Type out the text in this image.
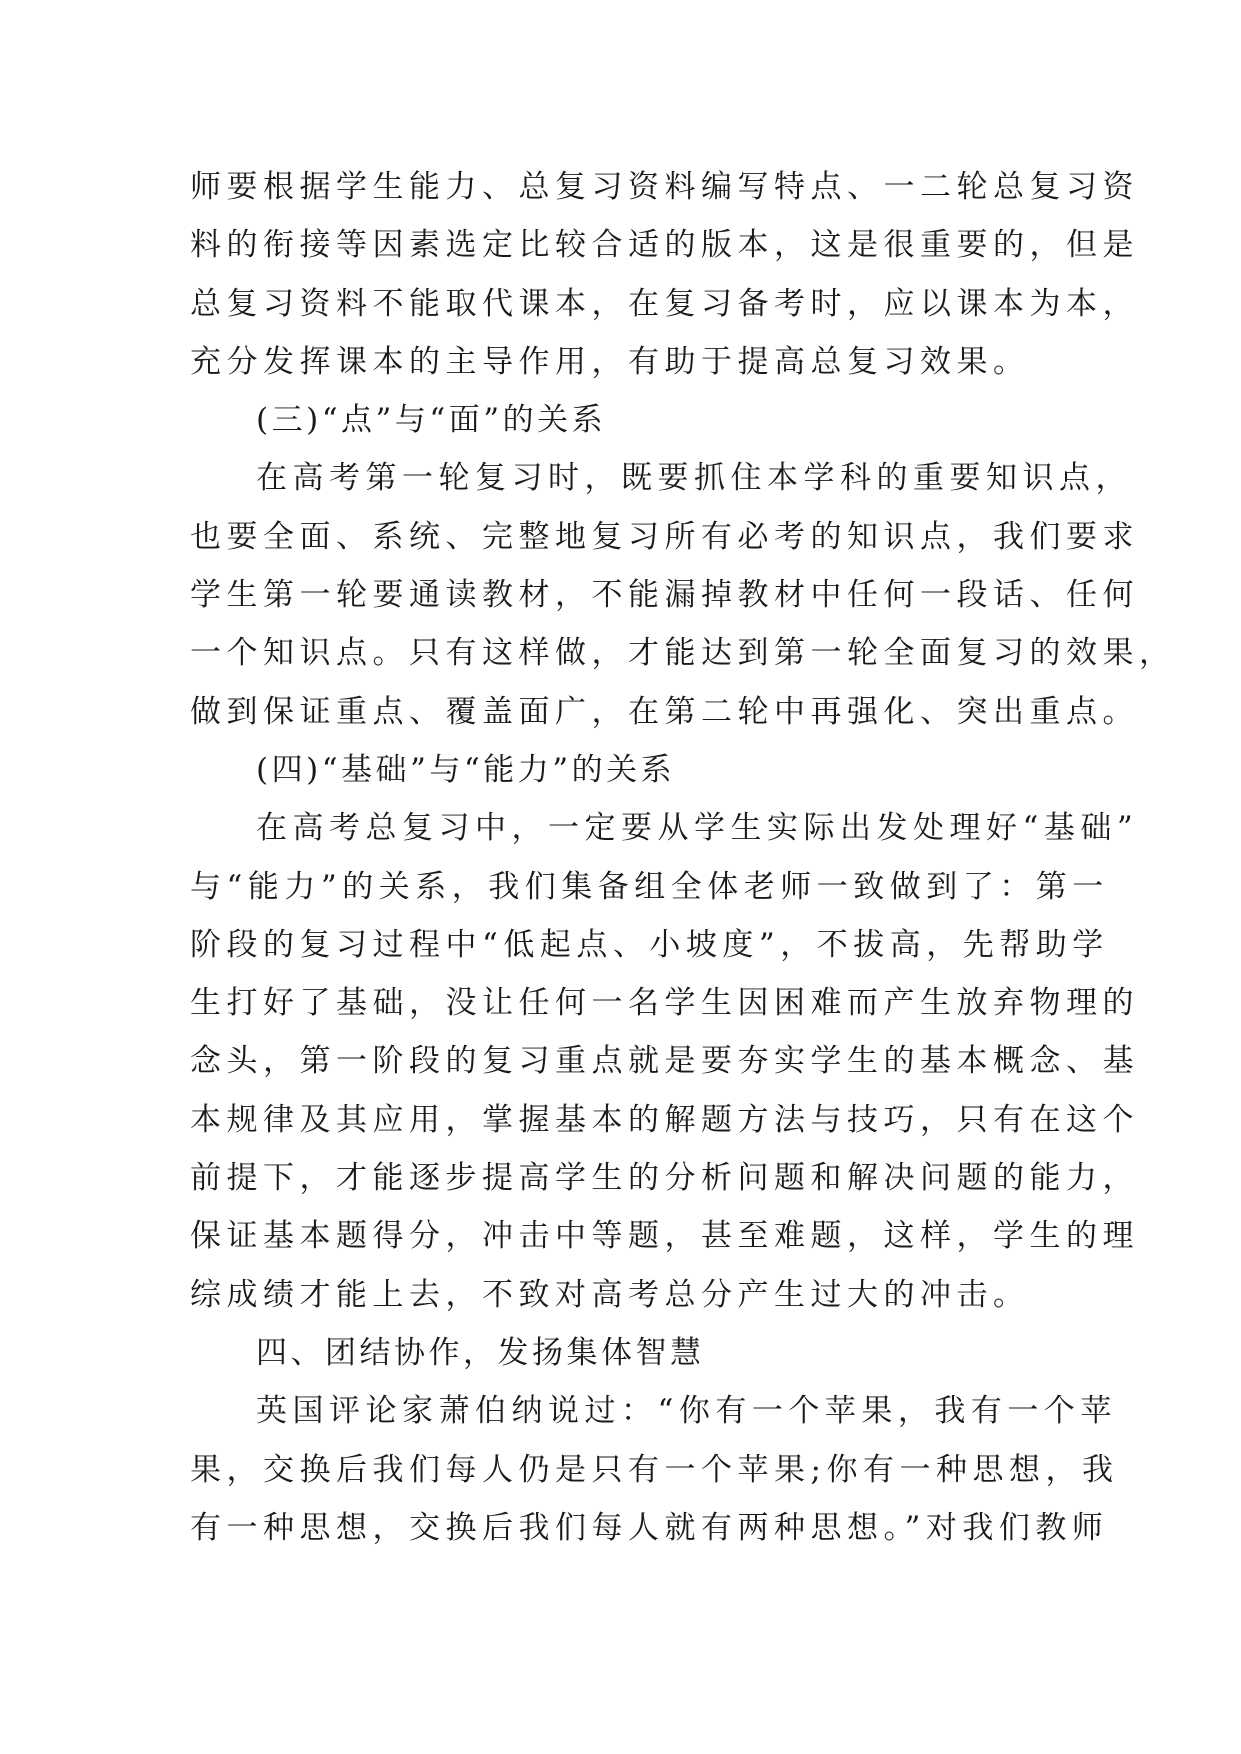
师要根据学生能力、总复习资料编写特点、一二轮总复习资
料的衔接等因素选定比较合适的版本，这是很重要的，但是
总复习资料不能取代课本，在复习备考时，应以课本为本，
充分发挥课本的主导作用，有助于提高总复习效果。
(三)“点”与“面”的关系
在高考第一轮复习时，既要抓住本学科的重要知识点，
也要全面、系统、完整地复习所有必考的知识点，我们要求
学生第一轮要通读教材，不能漏掉教材中任何一段话、任何
一个知识点。只有这样做，才能达到第一轮全面复习的效果，
做到保证重点、覆盖面广，在第二轮中再强化、突出重点。
(四)“基础”与“能力”的关系
在高考总复习中，一定要从学生实际出发处理好“基础”
与“能力”的关系，我们集备组全体老师一致做到了：第一
阶段的复习过程中“低起点、小坡度”，不拔高，先帮助学
生打好了基础，没让任何一名学生因困难而产生放弃物理的
念头，第一阶段的复习重点就是要夯实学生的基本概念、基
本规律及其应用，掌握基本的解题方法与技巧，只有在这个
前提下，才能逐步提高学生的分析问题和解决问题的能力，
保证基本题得分，冲击中等题，甚至难题，这样，学生的理
综成绩才能上去，不致对高考总分产生过大的冲击。
四、团结协作，发扬集体智慧
英国评论家萧伯纳说过：“你有一个苹果，我有一个苹
果，交换后我们每人仍是只有一个苹果;你有一种思想，我
有一种思想，交换后我们每人就有两种思想。”对我们教师
